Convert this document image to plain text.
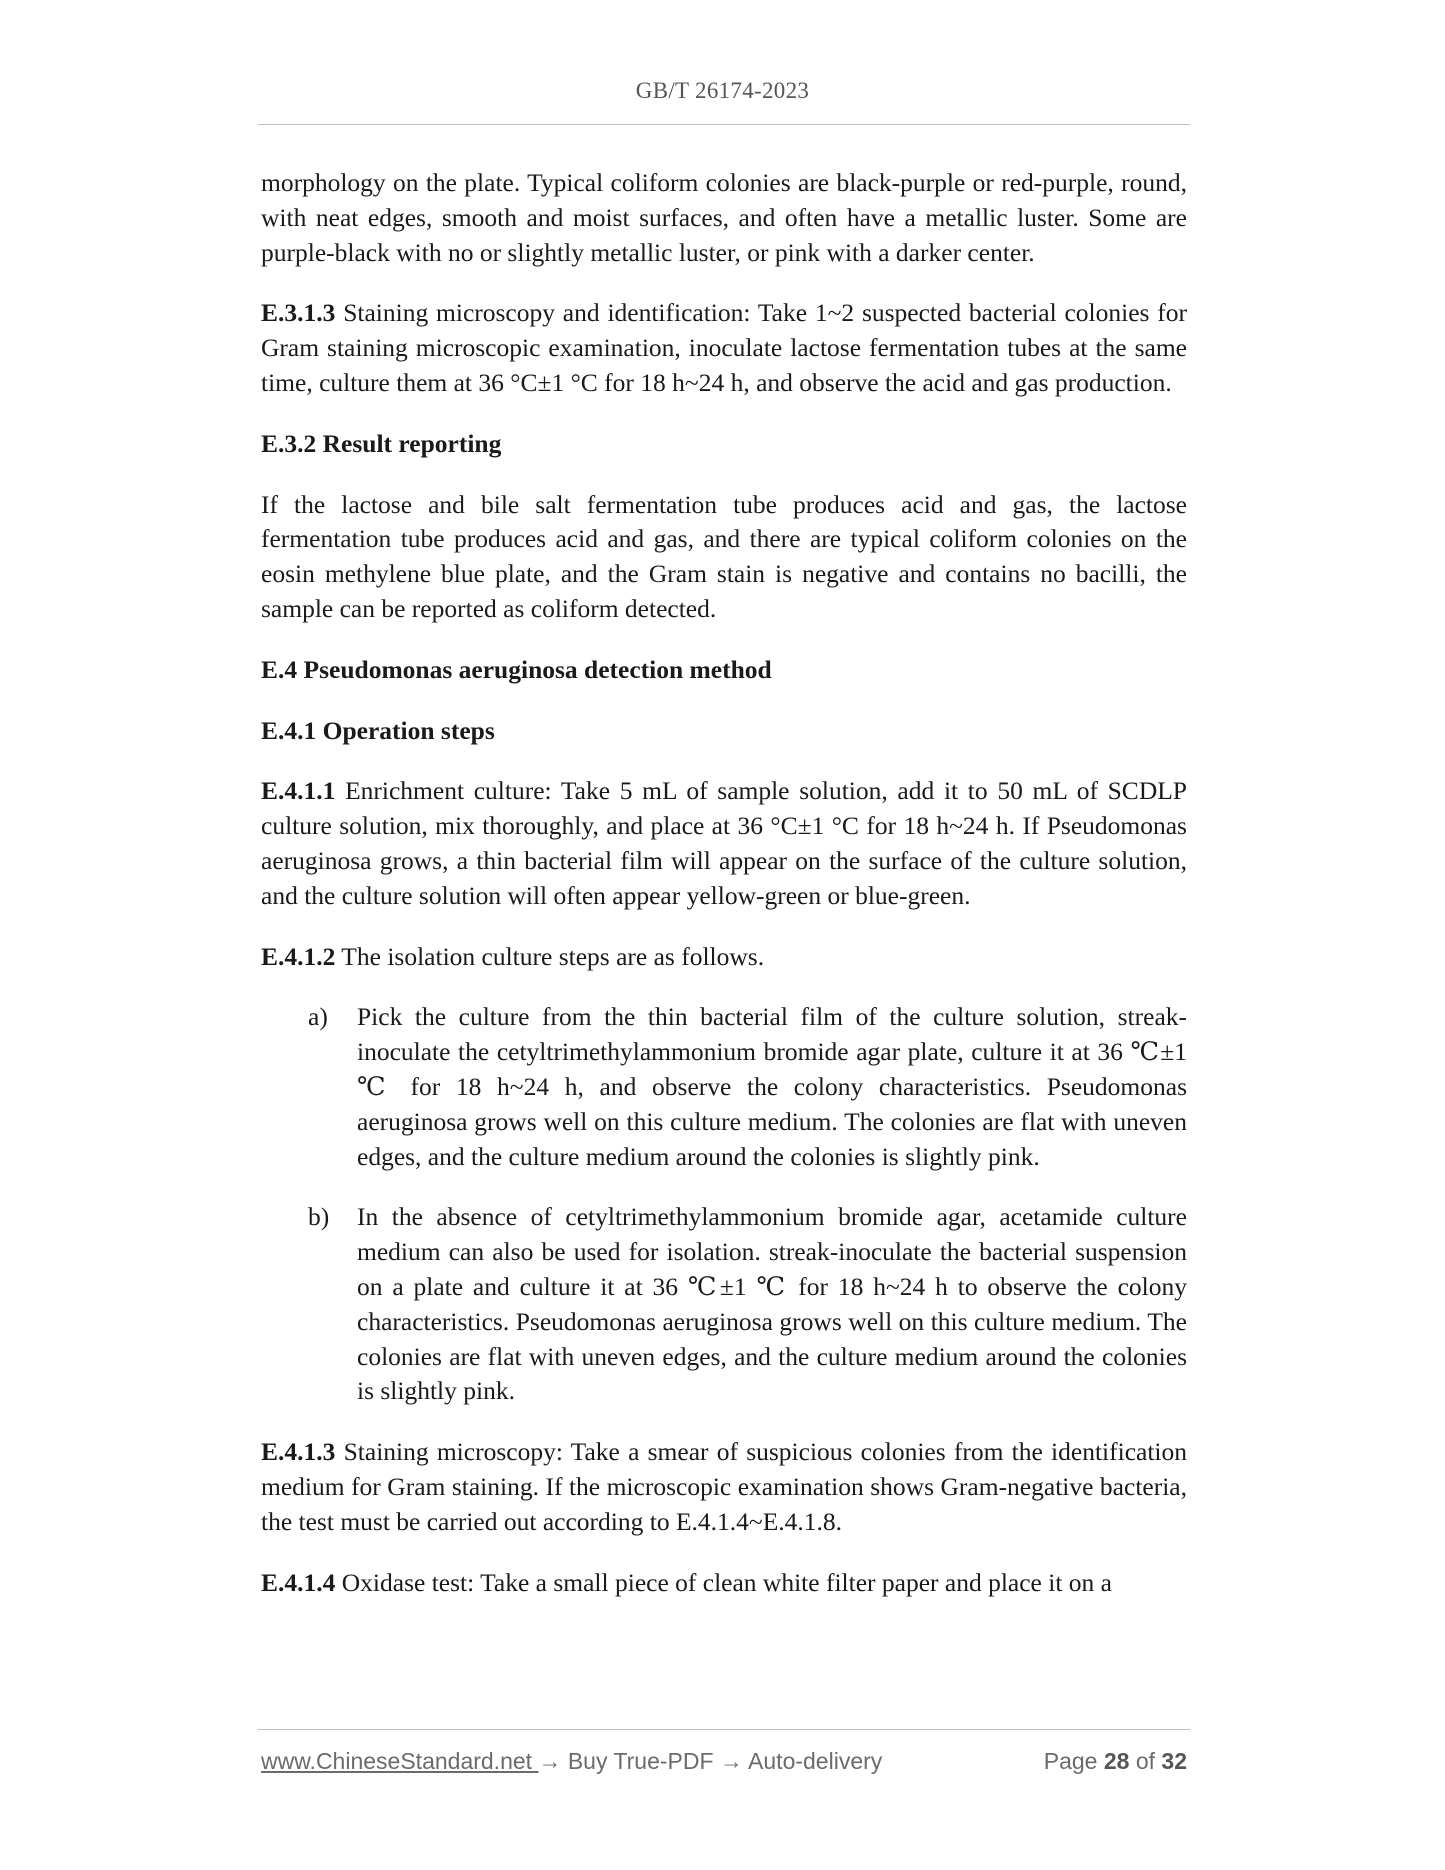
GB/T 26174-2023

morphology on the plate. Typical coliform colonies are black-purple or red-purple, round, with neat edges, smooth and moist surfaces, and often have a metallic luster. Some are purple-black with no or slightly metallic luster, or pink with a darker center.

E.3.1.3 Staining microscopy and identification: Take 1~2 suspected bacterial colonies for Gram staining microscopic examination, inoculate lactose fermentation tubes at the same time, culture them at 36 °C±1 °C for 18 h~24 h, and observe the acid and gas production.

E.3.2 Result reporting

If the lactose and bile salt fermentation tube produces acid and gas, the lactose fermentation tube produces acid and gas, and there are typical coliform colonies on the eosin methylene blue plate, and the Gram stain is negative and contains no bacilli, the sample can be reported as coliform detected.

E.4 Pseudomonas aeruginosa detection method

E.4.1 Operation steps

E.4.1.1 Enrichment culture: Take 5 mL of sample solution, add it to 50 mL of SCDLP culture solution, mix thoroughly, and place at 36 °C±1 °C for 18 h~24 h. If Pseudomonas aeruginosa grows, a thin bacterial film will appear on the surface of the culture solution, and the culture solution will often appear yellow-green or blue-green.

E.4.1.2 The isolation culture steps are as follows.

a) Pick the culture from the thin bacterial film of the culture solution, streak-inoculate the cetyltrimethylammonium bromide agar plate, culture it at 36 ℃±1 ℃ for 18 h~24 h, and observe the colony characteristics. Pseudomonas aeruginosa grows well on this culture medium. The colonies are flat with uneven edges, and the culture medium around the colonies is slightly pink.
b) In the absence of cetyltrimethylammonium bromide agar, acetamide culture medium can also be used for isolation. streak-inoculate the bacterial suspension on a plate and culture it at 36 ℃±1 ℃ for 18 h~24 h to observe the colony characteristics. Pseudomonas aeruginosa grows well on this culture medium. The colonies are flat with uneven edges, and the culture medium around the colonies is slightly pink.

E.4.1.3 Staining microscopy: Take a smear of suspicious colonies from the identification medium for Gram staining. If the microscopic examination shows Gram-negative bacteria, the test must be carried out according to E.4.1.4~E.4.1.8.

E.4.1.4 Oxidase test: Take a small piece of clean white filter paper and place it on a

www.ChineseStandard.net → Buy True-PDF → Auto-delivery	Page 28 of 32
